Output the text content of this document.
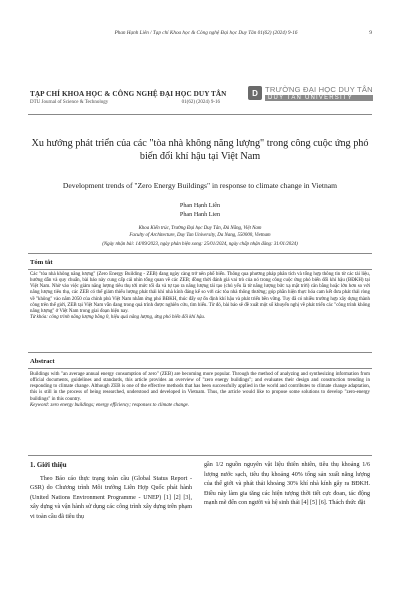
Phan Hạnh Liên / Tạp chí Khoa học & Công nghệ Đại học Duy Tân 01(62) (2024) 9-16	9
TẠP CHÍ KHOA HỌC & CÔNG NGHỆ ĐẠI HỌC DUY TÂN
DTU Journal of Science & Technology	01(62) (2024) 9-16
D TRƯỜNG ĐẠI HỌC DUY TÂN
DUY TAN UNIVERSITY
Xu hướng phát triển của các "tòa nhà không năng lượng" trong công cuộc ứng phó biến đổi khí hậu tại Việt Nam
Development trends of "Zero Energy Buildings" in response to climate change in Vietnam
Phan Hạnh Liên
Phan Hanh Lien
Khoa Kiến trúc, Trường Đại học Duy Tân, Đà Nẵng, Việt Nam
Faculty of Architecture, Duy Tan University, Da Nang, 550000, Vietnam
(Ngày nhận bài: 14/09/2023, ngày phản biện xong: 25/01/2024, ngày chấp nhận đăng: 31/01/2024)
Tóm tắt
Các "tòa nhà không năng lượng" (Zero Energy Building - ZEB) đang ngày càng trở nên phổ biến. Thông qua phương pháp phân tích và tổng hợp thông tin từ các tài liệu, hướng dẫn và quy chuẩn, bài báo này cung cấp cái nhìn tổng quan về các ZEB; đồng thời đánh giá vai trò của nó trong công cuộc ứng phó biến đổi khí hậu (BĐKH) tại Việt Nam. Nhờ vào việc giảm năng lượng tiêu thụ tới mức tối đa và tự tạo ra năng lượng tái tạo (chủ yếu là từ năng lượng bức xạ mặt trời) cân bằng hoặc lớn hơn so với năng lượng tiêu thụ, các ZEB có thể giảm thiểu lượng phát thải khí nhà kính đáng kể so với các tòa nhà thông thường; góp phần hiện thực hóa cam kết đưa phát thải ròng về "không" vào năm 2050 của chính phủ Việt Nam nhằm ứng phó BĐKH, thúc đẩy sự ổn định khí hậu và phát triển bền vững. Tuy đã có nhiều trường hợp xây dựng thành công trên thế giới, ZEB tại Việt Nam vẫn đang trong quá trình được nghiên cứu, tìm hiểu. Từ đó, bài báo sẽ đề xuất một số khuyến nghị về phát triển các "công trình không năng lượng" ở Việt Nam trong giai đoạn hiện nay.
Từ khóa: công trình năng lượng bằng 0, hiệu quả năng lượng, ứng phó biến đổi khí hậu.
Abstract
Buildings with "an average annual energy consumption of zero" (ZEB) are becoming more popular. Through the method of analyzing and synthesizing information from official documents, guidelines and standards, this article provides an overview of "zero energy buildings"; and evaluates their design and construction trending in responding to climate change. Although ZEB is one of the effective methods that has been successfully applied in the world and contributes to climate change adaptation, this is still in the process of being researched, understood and developed in Vietnam. Thus, the article would like to propose some solutions to develop "zero-energy buildings" in this country.
Keyword: zero energy buildings; energy efficiency; responses to climate change.
1. Giới thiệu
Theo Báo cáo thực trạng toàn cầu (Global Status Report - GSR) do Chương trình Môi trường Liên Hợp Quốc phát hành (United Nations Environment Programme - UNEP) [1] [2] [3], xây dựng và vận hành sử dụng các công trình xây dựng trên phạm vi toàn cầu đã tiêu thụ
gần 1/2 nguồn nguyên vật liệu thiên nhiên, tiêu thụ khoảng 1/6 lượng nước sạch, tiêu thụ khoảng 40% tổng sản xuất năng lượng của thế giới và phát thải khoảng 30% khí nhà kính gây ra BĐKH. Điều này làm gia tăng các hiện tượng thời tiết cực đoan, tác động mạnh mẽ đến con người và hệ sinh thái [4] [5] [6]. Thách thức đặt
